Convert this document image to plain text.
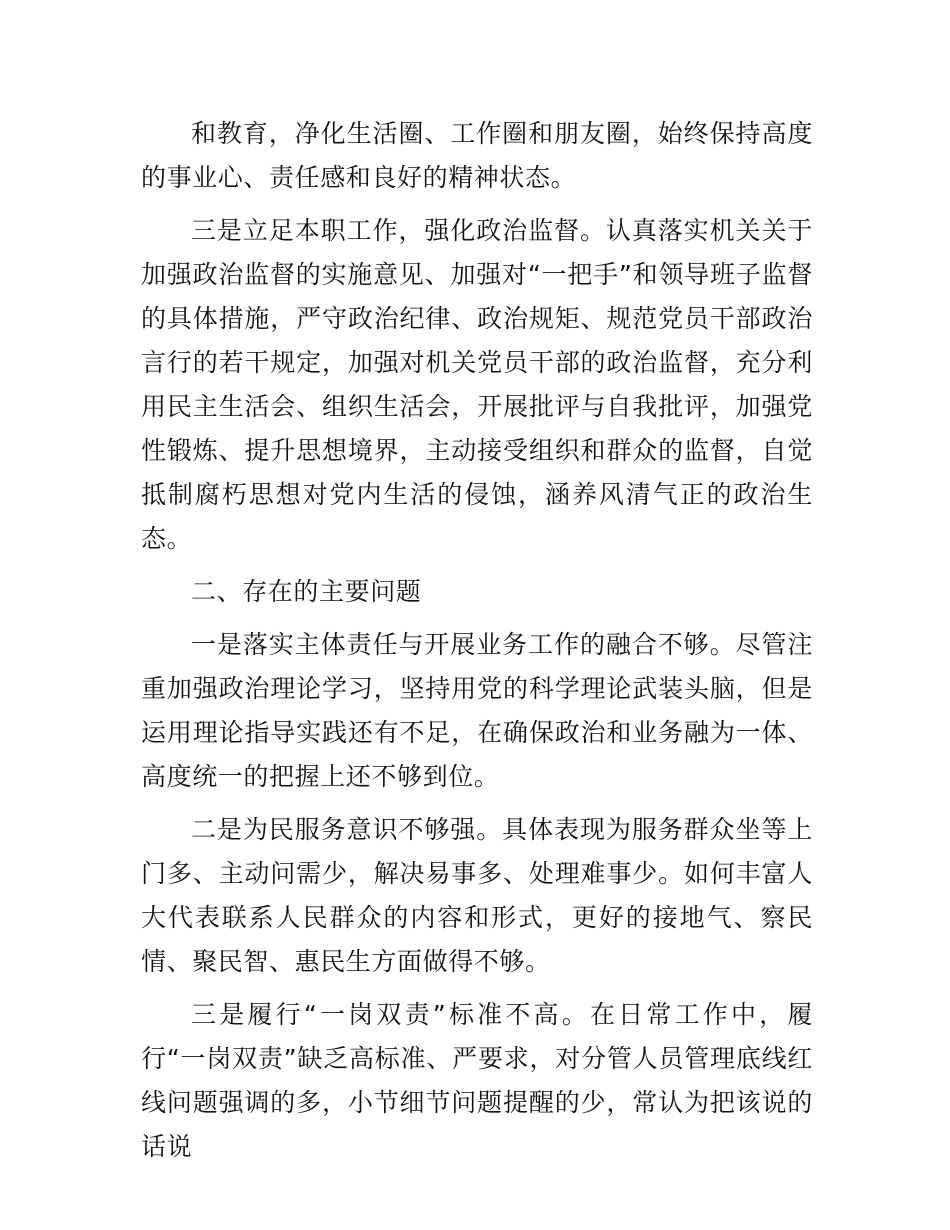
和教育，净化生活圈、工作圈和朋友圈，始终保持高度的事业心、责任感和良好的精神状态。

三是立足本职工作，强化政治监督。认真落实机关关于加强政治监督的实施意见、加强对“一把手”和领导班子监督的具体措施，严守政治纪律、政治规矩、规范党员干部政治言行的若干规定，加强对机关党员干部的政治监督，充分利用民主生活会、组织生活会，开展批评与自我批评，加强党性锻炼、提升思想境界，主动接受组织和群众的监督，自觉抵制腐朽思想对党内生活的侵蚀，涵养风清气正的政治生态。

二、存在的主要问题

一是落实主体责任与开展业务工作的融合不够。尽管注重加强政治理论学习，坚持用党的科学理论武装头脑，但是运用理论指导实践还有不足，在确保政治和业务融为一体、高度统一的把握上还不够到位。

二是为民服务意识不够强。具体表现为服务群众坐等上门多、主动问需少，解决易事多、处理难事少。如何丰富人大代表联系人民群众的内容和形式，更好的接地气、察民情、聚民智、惠民生方面做得不够。

三是履行“一岗双责”标准不高。在日常工作中，履行“一岗双责”缺乏高标准、严要求，对分管人员管理底线红线问题强调的多，小节细节问题提醒的少，常认为把该说的话说
